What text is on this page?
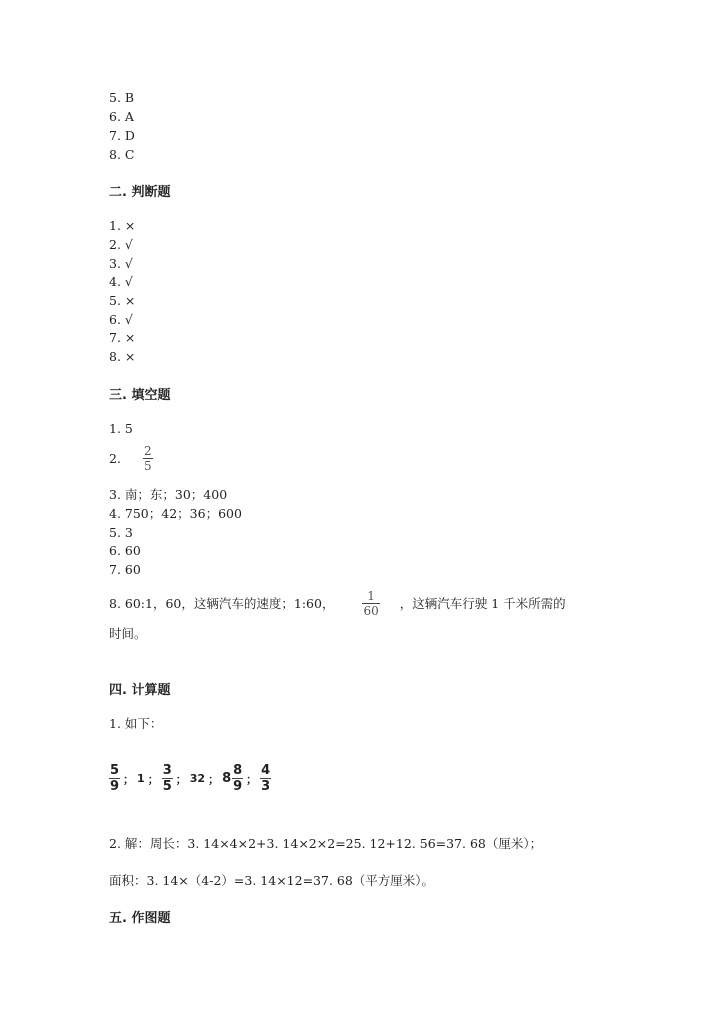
5. B
6. A
7. D
8. C
二. 判断题
1. ×
2. √
3. √
4. √
5. ×
6. √
7. ×
8. ×
三. 填空题
1. 5
2. $\frac{2}{5}$
3. 南；东；30；400
4. 750；42；36；600
5. 3
6. 60
7. 60
8. 60:1，60，这辆汽车的速度；1:60， $\frac{1}{60}$ ，这辆汽车行驶 1 千米所需的
时间。
四. 计算题
1. 如下：
$\frac{5}{9}$ ； 1 ； $\frac{3}{5}$ ； 32 ； $8 \frac{8}{9}$ ； $\frac{4}{3}$
2. 解：周长：3. 14×4×2+3. 14×2×2=25. 12+12. 56=37. 68（厘米）；
面积：3. 14×（4-2）=3. 14×12=37. 68（平方厘米）。
五. 作图题
